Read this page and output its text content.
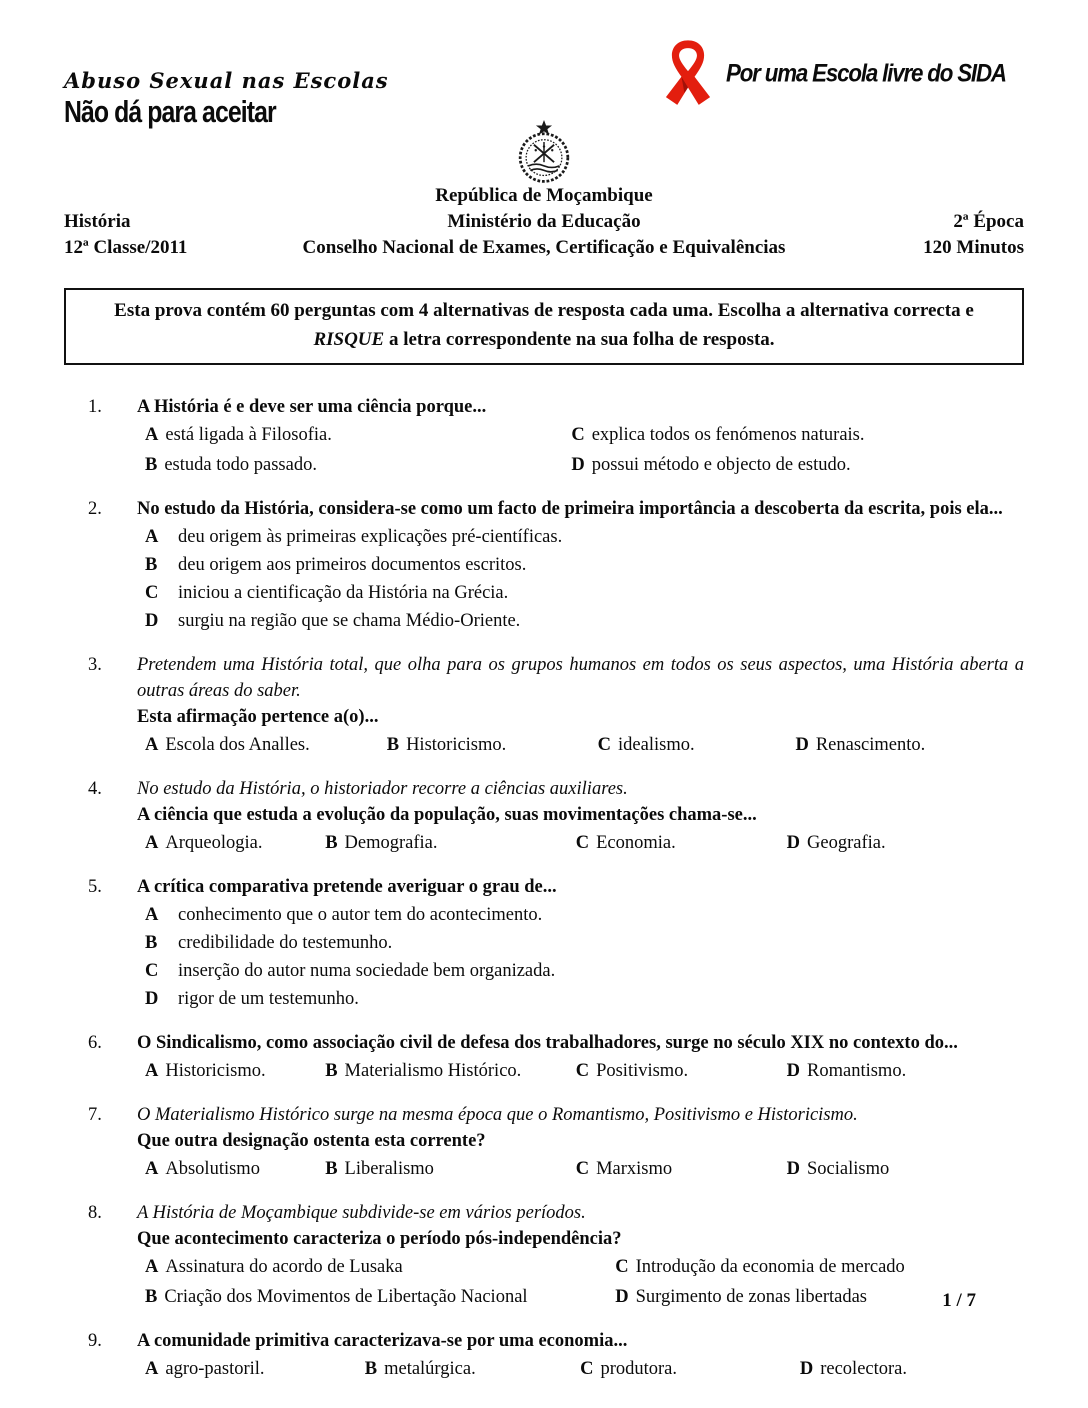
Abuso Sexual nas Escolas
Não dá para aceitar
Por uma Escola livre do SIDA
República de Moçambique
História	Ministério da Educação	2ª Época
12ª Classe/2011	Conselho Nacional de Exames, Certificação e Equivalências	120 Minutos
Esta prova contém 60 perguntas com 4 alternativas de resposta cada uma. Escolha a alternativa correcta e RISQUE a letra correspondente na sua folha de resposta.
1.	A História é e deve ser uma ciência porque...
A está ligada à Filosofia.	C explica todos os fenómenos naturais.
B estuda todo passado.	D possui método e objecto de estudo.
2.	No estudo da História, considera-se como um facto de primeira importância a descoberta da escrita, pois ela...
A deu origem às primeiras explicações pré-científicas.
B deu origem aos primeiros documentos escritos.
C iniciou a cientificação da História na Grécia.
D surgiu na região que se chama Médio-Oriente.
3.	Pretendem uma História total, que olha para os grupos humanos em todos os seus aspectos, uma História aberta a outras áreas do saber.
Esta afirmação pertence a(o)...
A Escola dos Analles.	B Historicismo.	C idealismo.	D Renascimento.
4.	No estudo da História, o historiador recorre a ciências auxiliares.
A ciência que estuda a evolução da população, suas movimentações chama-se...
A Arqueologia.	B Demografia.	C Economia.	D Geografia.
5.	A crítica comparativa pretende averiguar o grau de...
A conhecimento que o autor tem do acontecimento.
B credibilidade do testemunho.
C inserção do autor numa sociedade bem organizada.
D rigor de um testemunho.
6.	O Sindicalismo, como associação civil de defesa dos trabalhadores, surge no século XIX no contexto do...
A Historicismo.	B Materialismo Histórico.	C Positivismo.	D Romantismo.
7.	O Materialismo Histórico surge na mesma época que o Romantismo, Positivismo e Historicismo.
Que outra designação ostenta esta corrente?
A Absolutismo	B Liberalismo	C Marxismo	D Socialismo
8.	A História de Moçambique subdivide-se em vários períodos.
Que acontecimento caracteriza o período pós-independência?
A Assinatura do acordo de Lusaka	C Introdução da economia de mercado
B Criação dos Movimentos de Libertação Nacional	D Surgimento de zonas libertadas
9.	A comunidade primitiva caracterizava-se por uma economia...
A agro-pastoril.	B metalúrgica.	C produtora.	D recolectora.
1 / 7
